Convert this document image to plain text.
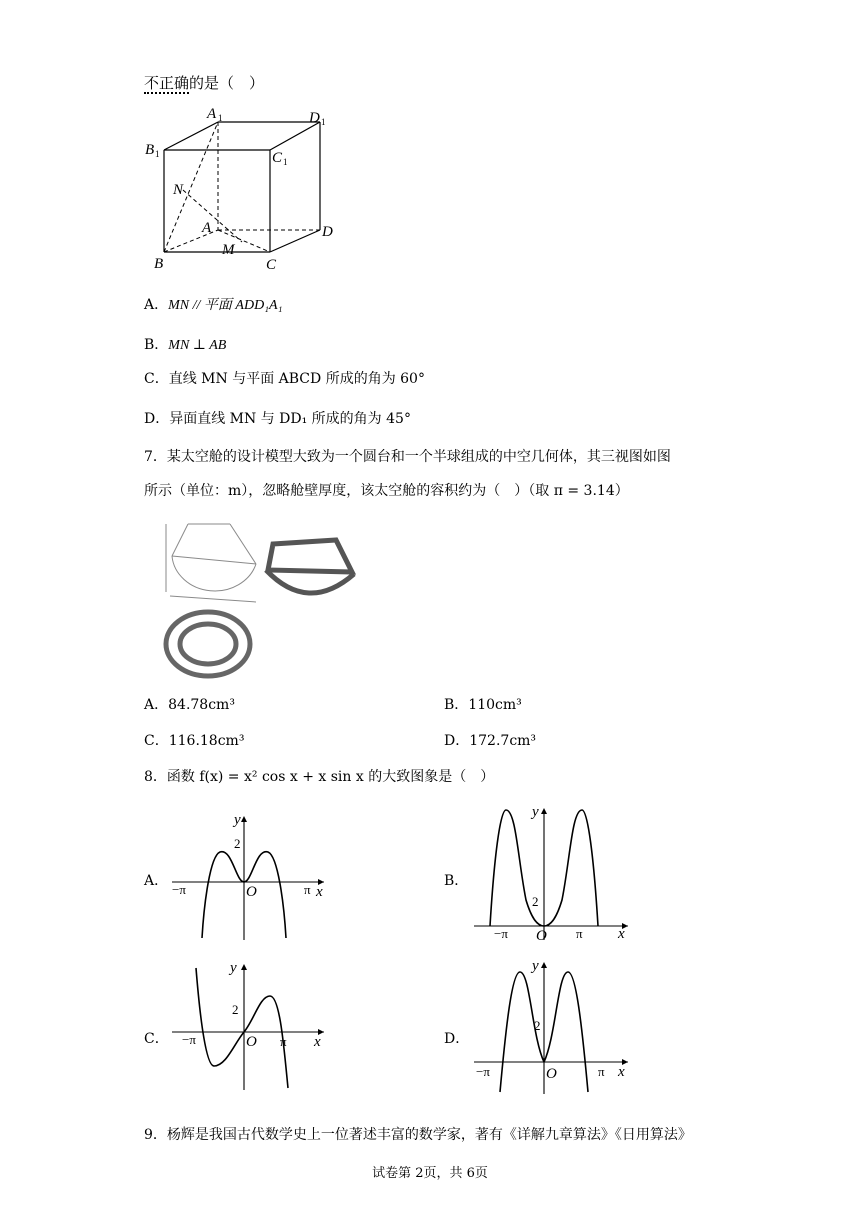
不正确的是（　）
A 1	D 1
B 1	C 1
N
A	D
B
M
C
A．MN // 平面 ADD₁A₁
B．MN ⊥ AB
C．直线 MN 与平面 ABCD 所成的角为 60°
D．异面直线 MN 与 DD₁ 所成的角为 45°
7．某太空舱的设计模型大致为一个圆台和一个半球组成的中空几何体，其三视图如图
所示（单位：m），忽略舱壁厚度，该太空舱的容积约为（　）（取 π = 3.14）
A．84.78cm³	B．110cm³
C．116.18cm³	D．172.7cm³
8．函数 f(x) = x² cos x + x sin x 的大致图象是（　）
A．	B．
C．	D．
y
2
O
−π	π x
y
2
O
−π	π x
y
2
O
−π	π x
y
2
O
−π	π x
9．杨辉是我国古代数学史上一位著述丰富的数学家，著有《详解九章算法》《日用算法》
试卷第 2页，共 6页
